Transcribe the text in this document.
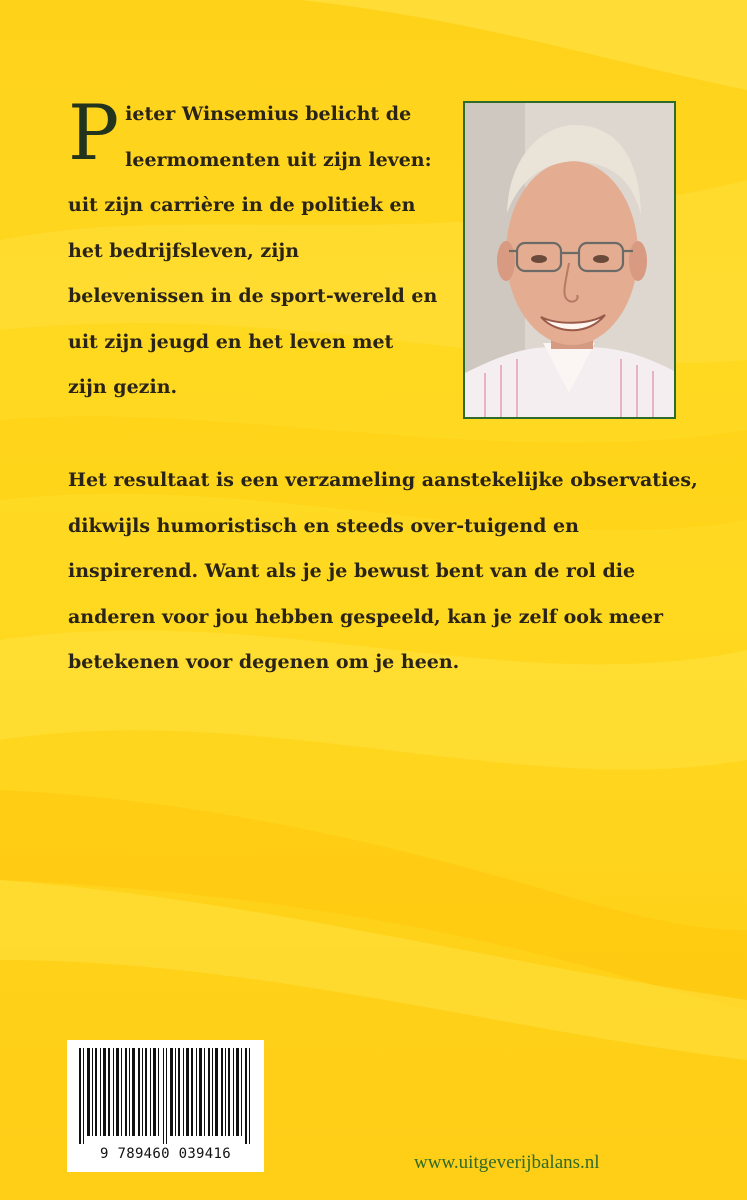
P ieter Winsemius belicht de leermomenten uit zijn leven: uit zijn carrière in de politiek en het bedrijfsleven, zijn belevenissen in de sport-wereld en uit zijn jeugd en het leven met zijn gezin.

Het resultaat is een verzameling aanstekelijke observaties, dikwijls humoristisch en steeds over-tuigend en inspirerend. Want als je je bewust bent van de rol die anderen voor jou hebben gespeeld, kan je zelf ook meer betekenen voor degenen om je heen.

9 789460 039416	www.uitgeverijbalans.nl
